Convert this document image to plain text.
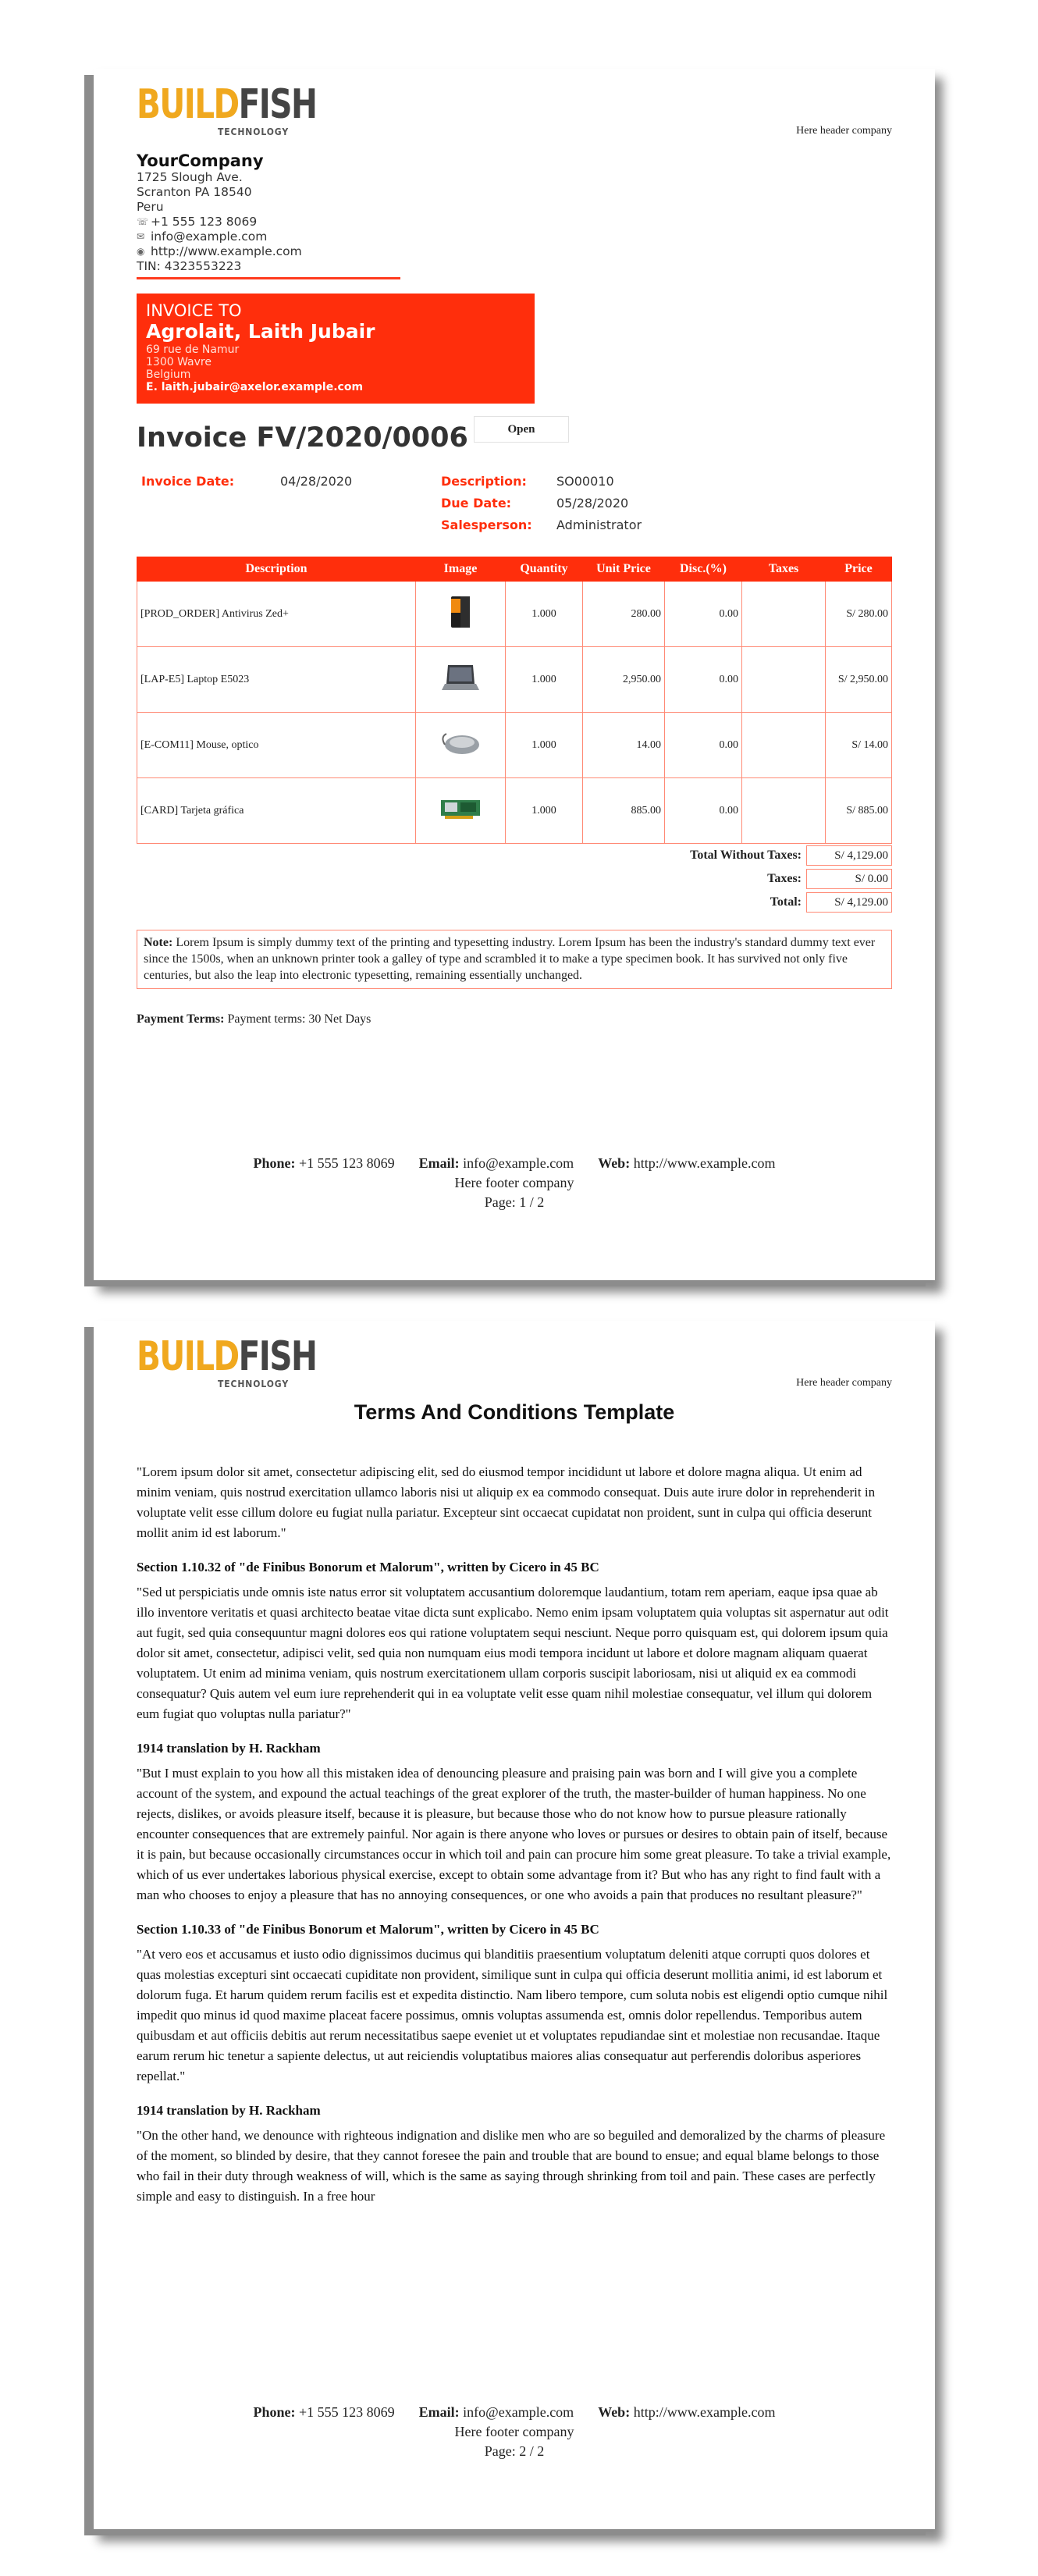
BUILDFISH
TECHNOLOGY	Here header company
YourCompany
1725 Slough Ave.
Scranton PA 18540
Peru
☏ +1 555 123 8069
✉ info@example.com
◉ http://www.example.com
TIN: 4323553223
INVOICE TO
Agrolait, Laith Jubair
69 rue de Namur
1300 Wavre
Belgium
E. laith.jubair@axelor.example.com
Invoice FV/2020/0006	Open
Invoice Date:	04/28/2020	Description: SO00010
Due Date:	05/28/2020
Salesperson: Administrator
Description	Image	Quantity	Unit Price	Disc.(%)	Taxes	Price
[PROD_ORDER] Antivirus Zed+		1.000	280.00	0.00		S/ 280.00
[LAP-E5] Laptop E5023		1.000	2,950.00	0.00		S/ 2,950.00
[E-COM11] Mouse, optico		1.000	14.00	0.00		S/ 14.00
[CARD] Tarjeta gráfica		1.000	885.00	0.00		S/ 885.00
Total Without Taxes:	S/ 4,129.00
Taxes:	S/ 0.00
Total:	S/ 4,129.00
Note: Lorem Ipsum is simply dummy text of the printing and typesetting industry. Lorem Ipsum has been the industry's standard dummy text ever since the 1500s, when an unknown printer took a galley of type and scrambled it to make a type specimen book. It has survived not only five centuries, but also the leap into electronic typesetting, remaining essentially unchanged.
Payment Terms: Payment terms: 30 Net Days
Phone: +1 555 123 8069 Email: info@example.com Web: http://www.example.com
Here footer company
Page: 1 / 2
BUILDFISH
TECHNOLOGY	Here header company
Terms And Conditions Template

"Lorem ipsum dolor sit amet, consectetur adipiscing elit, sed do eiusmod tempor incididunt ut labore et dolore magna aliqua. Ut enim ad minim veniam, quis nostrud exercitation ullamco laboris nisi ut aliquip ex ea commodo consequat. Duis aute irure dolor in reprehenderit in voluptate velit esse cillum dolore eu fugiat nulla pariatur. Excepteur sint occaecat cupidatat non proident, sunt in culpa qui officia deserunt mollit anim id est laborum."

Section 1.10.32 of "de Finibus Bonorum et Malorum", written by Cicero in 45 BC

"Sed ut perspiciatis unde omnis iste natus error sit voluptatem accusantium doloremque laudantium, totam rem aperiam, eaque ipsa quae ab illo inventore veritatis et quasi architecto beatae vitae dicta sunt explicabo. Nemo enim ipsam voluptatem quia voluptas sit aspernatur aut odit aut fugit, sed quia consequuntur magni dolores eos qui ratione voluptatem sequi nesciunt. Neque porro quisquam est, qui dolorem ipsum quia dolor sit amet, consectetur, adipisci velit, sed quia non numquam eius modi tempora incidunt ut labore et dolore magnam aliquam quaerat voluptatem. Ut enim ad minima veniam, quis nostrum exercitationem ullam corporis suscipit laboriosam, nisi ut aliquid ex ea commodi consequatur? Quis autem vel eum iure reprehenderit qui in ea voluptate velit esse quam nihil molestiae consequatur, vel illum qui dolorem eum fugiat quo voluptas nulla pariatur?"

1914 translation by H. Rackham

"But I must explain to you how all this mistaken idea of denouncing pleasure and praising pain was born and I will give you a complete account of the system, and expound the actual teachings of the great explorer of the truth, the master-builder of human happiness. No one rejects, dislikes, or avoids pleasure itself, because it is pleasure, but because those who do not know how to pursue pleasure rationally encounter consequences that are extremely painful. Nor again is there anyone who loves or pursues or desires to obtain pain of itself, because it is pain, but because occasionally circumstances occur in which toil and pain can procure him some great pleasure. To take a trivial example, which of us ever undertakes laborious physical exercise, except to obtain some advantage from it? But who has any right to find fault with a man who chooses to enjoy a pleasure that has no annoying consequences, or one who avoids a pain that produces no resultant pleasure?"

Section 1.10.33 of "de Finibus Bonorum et Malorum", written by Cicero in 45 BC

"At vero eos et accusamus et iusto odio dignissimos ducimus qui blanditiis praesentium voluptatum deleniti atque corrupti quos dolores et quas molestias excepturi sint occaecati cupiditate non provident, similique sunt in culpa qui officia deserunt mollitia animi, id est laborum et dolorum fuga. Et harum quidem rerum facilis est et expedita distinctio. Nam libero tempore, cum soluta nobis est eligendi optio cumque nihil impedit quo minus id quod maxime placeat facere possimus, omnis voluptas assumenda est, omnis dolor repellendus. Temporibus autem quibusdam et aut officiis debitis aut rerum necessitatibus saepe eveniet ut et voluptates repudiandae sint et molestiae non recusandae. Itaque earum rerum hic tenetur a sapiente delectus, ut aut reiciendis voluptatibus maiores alias consequatur aut perferendis doloribus asperiores repellat."

1914 translation by H. Rackham

"On the other hand, we denounce with righteous indignation and dislike men who are so beguiled and demoralized by the charms of pleasure of the moment, so blinded by desire, that they cannot foresee the pain and trouble that are bound to ensue; and equal blame belongs to those who fail in their duty through weakness of will, which is the same as saying through shrinking from toil and pain. These cases are perfectly simple and easy to distinguish. In a free hour

Phone: +1 555 123 8069 Email: info@example.com Web: http://www.example.com
Here footer company
Page: 2 / 2
